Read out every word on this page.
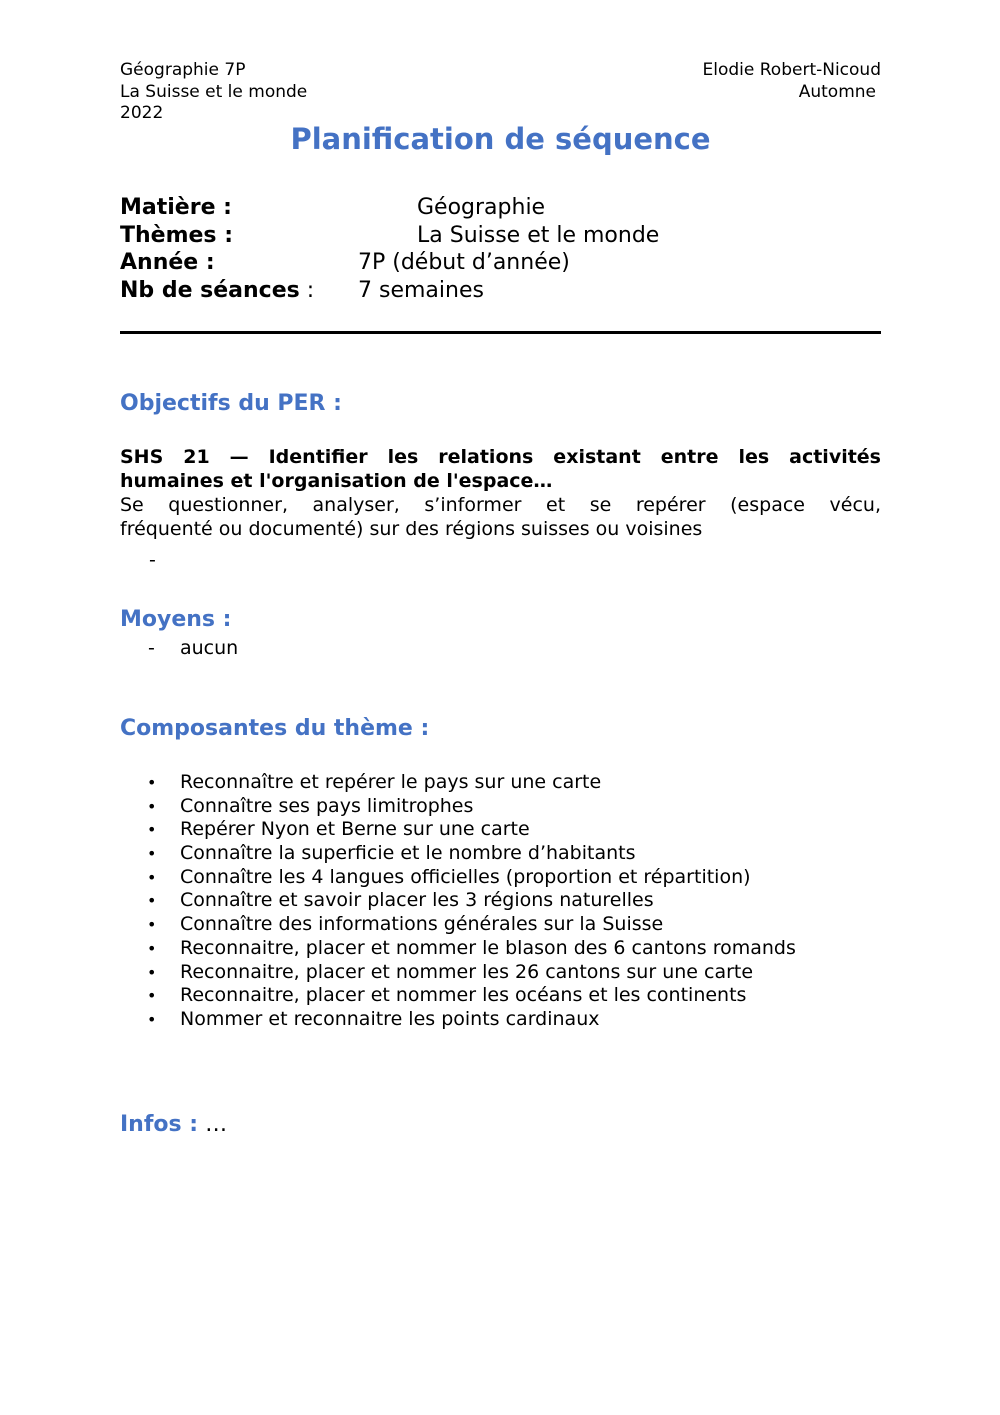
Géographie 7P
La Suisse et le monde
2022
Elodie Robert-Nicoud
Automne
Planification de séquence
Matière :	Géographie
Thèmes :	La Suisse et le monde
Année :	7P (début d’année)
Nb de séances : 7 semaines
Objectifs du PER :

SHS 21 — Identifier les relations existant entre les activités

humaines et l'organisation de l'espace…

Se questionner, analyser, s’informer et se repérer (espace vécu,

fréquenté ou documenté) sur des régions suisses ou voisines

-
Moyens :
- aucun
Composantes du thème :
• Reconnaître et repérer le pays sur une carte
• Connaître ses pays limitrophes
• Repérer Nyon et Berne sur une carte
• Connaître la superficie et le nombre d’habitants
• Connaître les 4 langues officielles (proportion et répartition)
• Connaître et savoir placer les 3 régions naturelles
• Connaître des informations générales sur la Suisse
• Reconnaitre, placer et nommer le blason des 6 cantons romands
• Reconnaitre, placer et nommer les 26 cantons sur une carte
• Reconnaitre, placer et nommer les océans et les continents
• Nommer et reconnaitre les points cardinaux
Infos : …
